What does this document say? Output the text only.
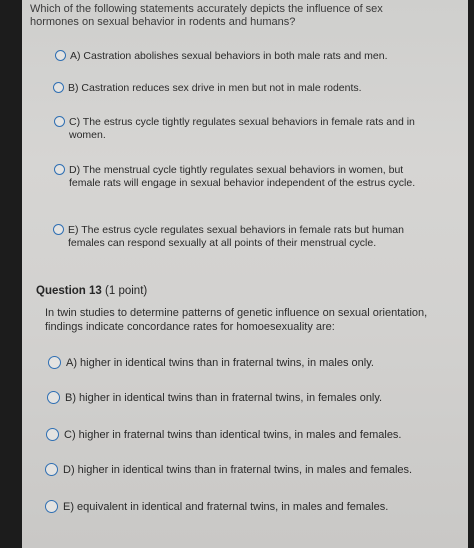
Which of the following statements accurately depicts the influence of sex hormones on sexual behavior in rodents and humans?
A) Castration abolishes sexual behaviors in both male rats and men.
B) Castration reduces sex drive in men but not in male rodents.
C) The estrus cycle tightly regulates sexual behaviors in female rats and in women.
D) The menstrual cycle tightly regulates sexual behaviors in women, but female rats will engage in sexual behavior independent of the estrus cycle.
E) The estrus cycle regulates sexual behaviors in female rats but human females can respond sexually at all points of their menstrual cycle.
Question 13 (1 point)
In twin studies to determine patterns of genetic influence on sexual orientation, findings indicate concordance rates for homoesexuality are:
A) higher in identical twins than in fraternal twins, in males only.
B) higher in identical twins than in fraternal twins, in females only.
C) higher in fraternal twins than identical twins, in males and females.
D) higher in identical twins than in fraternal twins, in males and females.
E) equivalent in identical and fraternal twins, in males and females.
